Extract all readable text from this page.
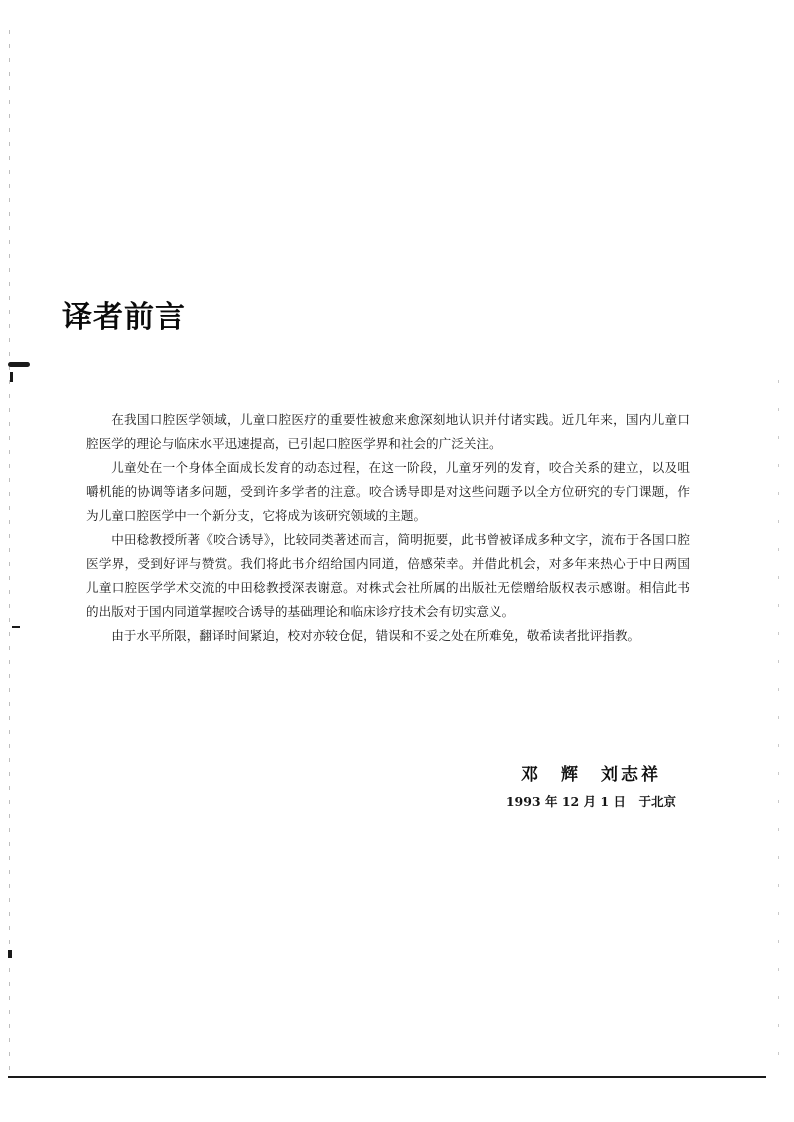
译者前言

在我国口腔医学领域，儿童口腔医疗的重要性被愈来愈深刻地认识并付诸实践。近几年来，国内儿童口腔医学的理论与临床水平迅速提高，已引起口腔医学界和社会的广泛关注。

儿童处在一个身体全面成长发育的动态过程，在这一阶段，儿童牙列的发育，咬合关系的建立，以及咀嚼机能的协调等诸多问题，受到许多学者的注意。咬合诱导即是对这些问题予以全方位研究的专门课题，作为儿童口腔医学中一个新分支，它将成为该研究领域的主题。

中田稔教授所著《咬合诱导》，比较同类著述而言，简明扼要，此书曾被译成多种文字，流布于各国口腔医学界，受到好评与赞赏。我们将此书介绍给国内同道，倍感荣幸。并借此机会，对多年来热心于中日两国儿童口腔医学学术交流的中田稔教授深表谢意。对株式会社所属的出版社无偿赠给版权表示感谢。相信此书的出版对于国内同道掌握咬合诱导的基础理论和临床诊疗技术会有切实意义。

由于水平所限，翻译时间紧迫，校对亦较仓促，错误和不妥之处在所难免，敬希读者批评指教。

邓　辉　刘志祥
1993 年 12 月 1 日　于北京
